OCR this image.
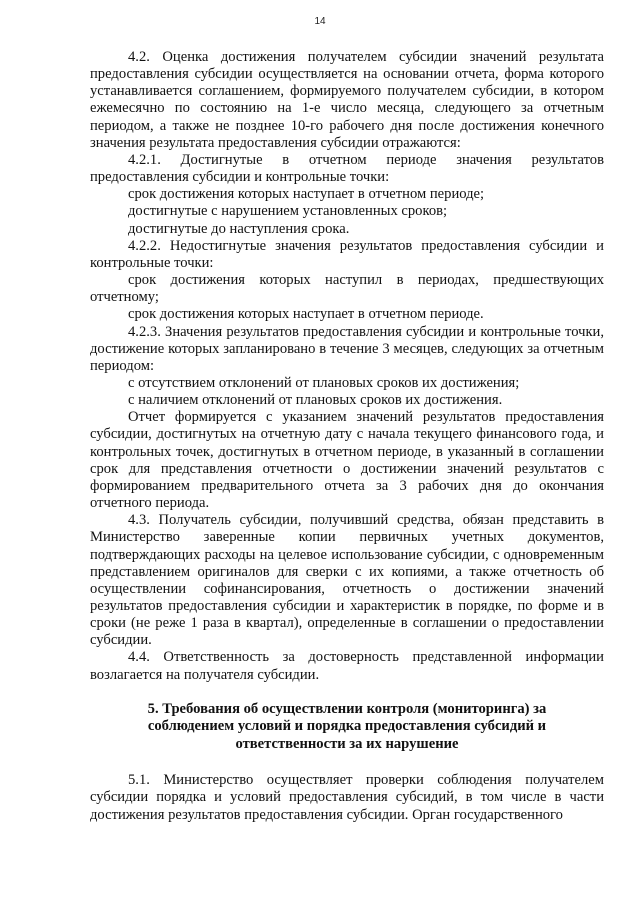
14

4.2. Оценка достижения получателем субсидии значений результата предоставления субсидии осуществляется на основании отчета, форма которого устанавливается соглашением, формируемого получателем субсидии, в котором ежемесячно по состоянию на 1-е число месяца, следующего за отчетным периодом, а также не позднее 10-го рабочего дня после достижения конечного значения результата предоставления субсидии отражаются:

4.2.1. Достигнутые в отчетном периоде значения результатов предоставления субсидии и контрольные точки:

срок достижения которых наступает в отчетном периоде;

достигнутые с нарушением установленных сроков;

достигнутые до наступления срока.

4.2.2. Недостигнутые значения результатов предоставления субсидии и контрольные точки:

срок достижения которых наступил в периодах, предшествующих отчетному;

срок достижения которых наступает в отчетном периоде.

4.2.3. Значения результатов предоставления субсидии и контрольные точки, достижение которых запланировано в течение 3 месяцев, следующих за отчетным периодом:

с отсутствием отклонений от плановых сроков их достижения;

с наличием отклонений от плановых сроков их достижения.

Отчет формируется с указанием значений результатов предоставления субсидии, достигнутых на отчетную дату с начала текущего финансового года, и контрольных точек, достигнутых в отчетном периоде, в указанный в соглашении срок для представления отчетности о достижении значений результатов с формированием предварительного отчета за 3 рабочих дня до окончания отчетного периода.

4.3. Получатель субсидии, получивший средства, обязан представить в Министерство заверенные копии первичных учетных документов, подтверждающих расходы на целевое использование субсидии, с одновременным представлением оригиналов для сверки с их копиями, а также отчетность об осуществлении софинансирования, отчетность о достижении значений результатов предоставления субсидии и характеристик в порядке, по форме и в сроки (не реже 1 раза в квартал), определенные в соглашении о предоставлении субсидии.

4.4. Ответственность за достоверность представленной информации возлагается на получателя субсидии.

5. Требования об осуществлении контроля (мониторинга) за соблюдением условий и порядка предоставления субсидий и ответственности за их нарушение

5.1. Министерство осуществляет проверки соблюдения получателем субсидии порядка и условий предоставления субсидий, в том числе в части достижения результатов предоставления субсидии. Орган государственного
